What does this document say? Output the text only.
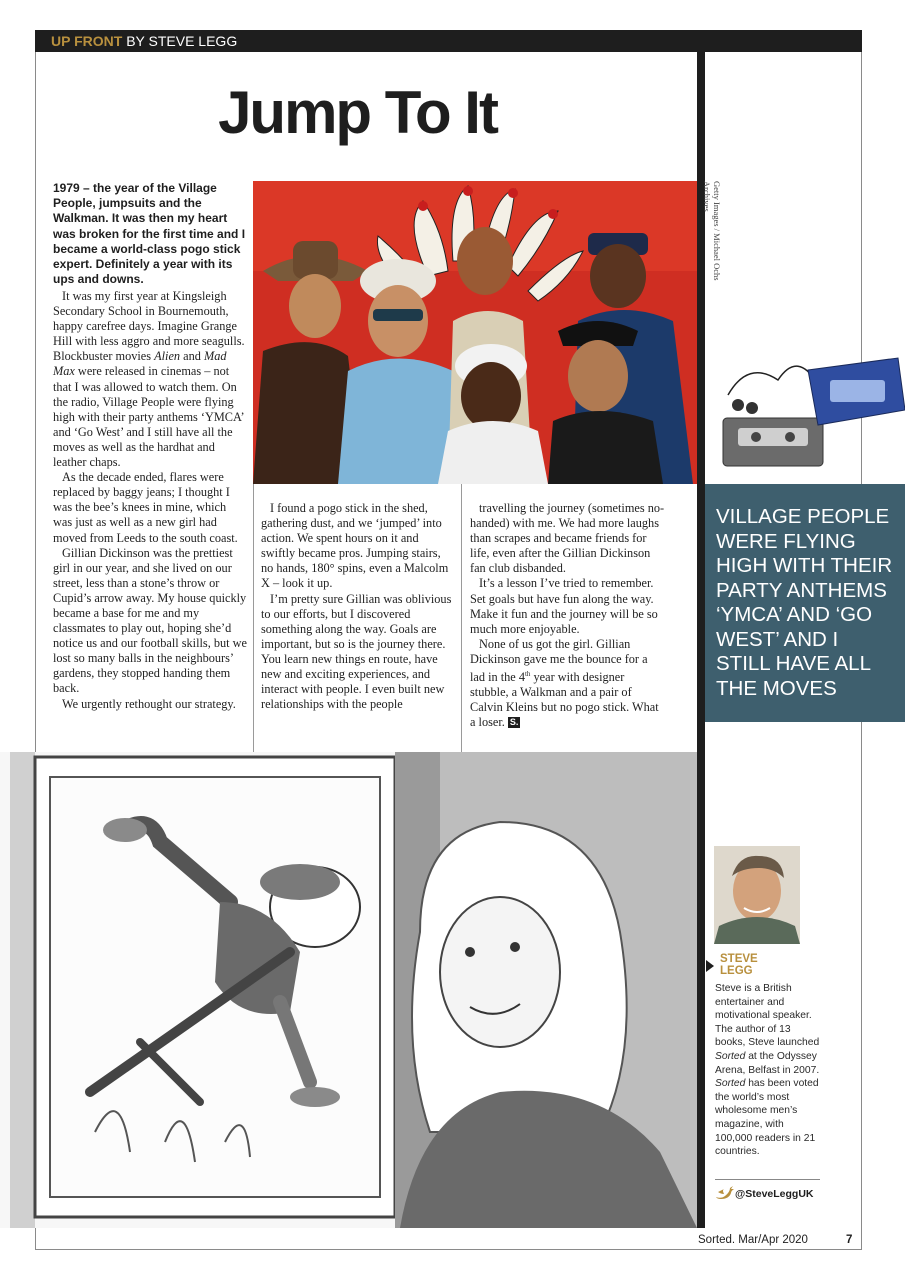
UP FRONT BY STEVE LEGG
Jump To It
1979 – the year of the Village People, jumpsuits and the Walkman. It was then my heart was broken for the first time and I became a world-class pogo stick expert. Definitely a year with its ups and downs.

It was my first year at Kingsleigh Secondary School in Bournemouth, happy carefree days. Imagine Grange Hill with less aggro and more seagulls. Blockbuster movies Alien and Mad Max were released in cinemas – not that I was allowed to watch them. On the radio, Village People were flying high with their party anthems ‘YMCA’ and ‘Go West’ and I still have all the moves as well as the hardhat and leather chaps.

As the decade ended, flares were replaced by baggy jeans; I thought I was the bee’s knees in mine, which was just as well as a new girl had moved from Leeds to the south coast.

Gillian Dickinson was the prettiest girl in our year, and she lived on our street, less than a stone’s throw or Cupid’s arrow away. My house quickly became a base for me and my classmates to play out, hoping she’d notice us and our football skills, but we lost so many balls in the neighbours’ gardens, they stopped handing them back.

We urgently rethought our strategy.

I found a pogo stick in the shed, gathering dust, and we ‘jumped’ into action. We spent hours on it and swiftly became pros. Jumping stairs, no hands, 180° spins, even a Malcolm X – look it up.

I’m pretty sure Gillian was oblivious to our efforts, but I discovered something along the way. Goals are important, but so is the journey there. You learn new things en route, have new and exciting experiences, and interact with people. I even built new relationships with the people

travelling the journey (sometimes no-handed) with me. We had more laughs than scrapes and became friends for life, even after the Gillian Dickinson fan club disbanded.

It’s a lesson I’ve tried to remember. Set goals but have fun along the way. Make it fun and the journey will be so much more enjoyable.

None of us got the girl. Gillian Dickinson gave me the bounce for a lad in the 4th year with designer stubble, a Walkman and a pair of Calvin Kleins but no pogo stick. What a loser. S.

Getty Images / Michael Ochs Archives
VILLAGE PEOPLE WERE FLYING HIGH WITH THEIR PARTY ANTHEMS ‘YMCA’ AND ‘GO WEST’ AND I STILL HAVE ALL THE MOVES
STEVE
LEGG
Steve is a British entertainer and motivational speaker. The author of 13 books, Steve launched Sorted at the Odyssey Arena, Belfast in 2007. Sorted has been voted the world’s most wholesome men’s magazine, with 100,000 readers in 21 countries.
@SteveLeggUK
Sorted. Mar/Apr 2020	7
